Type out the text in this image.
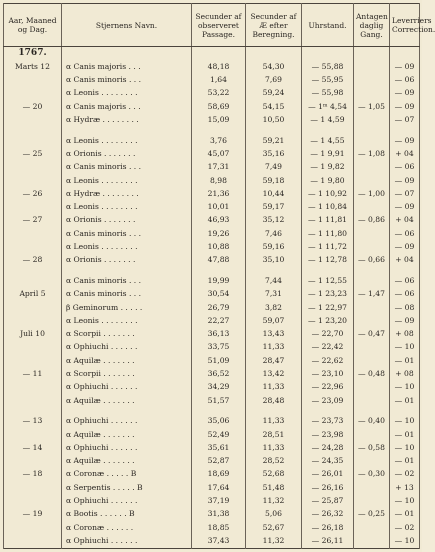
Aar, Maaned og Dag.	Stjernens Navn.	Secunder af observeret Passage.	Secunder af Æ efter Beregning.	Uhrstand.	Antagen daglig Gang.	Leverriers Correction.
1767.						
Marts 12	α Canis majoris . . .	48,18	54,30	— 55,88		— 09
	α Canis minoris . . .	1,64	7,69	— 55,95		— 06
	α Leonis . . . . . . . .	53,22	59,24	— 55,98		— 09
— 20	α Canis majoris . . .	58,69	54,15	— 1ᵐ 4,54	— 1,05	— 09
	α Hydræ . . . . . . . .	15,09	10,50	— 1 4,59		— 07

	α Leonis . . . . . . . .	3,76	59,21	— 1 4,55		— 09
— 25	α Orionis . . . . . . .	45,07	35,16	— 1 9,91	— 1,08	+ 04
	α Canis minoris . . .	17,31	7,49	— 1 9,82		— 06
	α Leonis . . . . . . . .	8,98	59,18	— 1 9,80		— 09
— 26	α Hydræ . . . . . . . .	21,36	10,44	— 1 10,92	— 1,00	— 07
	α Leonis . . . . . . . .	10,01	59,17	— 1 10,84		— 09
— 27	α Orionis . . . . . . .	46,93	35,12	— 1 11,81	— 0,86	+ 04
	α Canis minoris . . .	19,26	7,46	— 1 11,80		— 06
	α Leonis . . . . . . . .	10,88	59,16	— 1 11,72		— 09
— 28	α Orionis . . . . . . .	47,88	35,10	— 1 12,78	— 0,66	+ 04

	α Canis minoris . . .	19,99	7,44	— 1 12,55		— 06
April 5	α Canis minoris . . .	30,54	7,31	— 1 23,23	— 1,47	— 06
	β Geminorum . . . . .	26,79	3,82	— 1 22,97		— 08
	α Leonis . . . . . . . .	22,27	59,07	— 1 23,20		— 09
Juli 10	α Scorpii . . . . . . .	36,13	13,43	— 22,70	— 0,47	+ 08
	α Ophiuchi . . . . . .	33,75	11,33	— 22,42		— 10
	α Aquilæ . . . . . . .	51,09	28,47	— 22,62		— 01
— 11	α Scorpii . . . . . . .	36,52	13,42	— 23,10	— 0,48	+ 08
	α Ophiuchi . . . . . .	34,29	11,33	— 22,96		— 10
	α Aquilæ . . . . . . .	51,57	28,48	— 23,09		— 01

— 13	α Ophiuchi . . . . . .	35,06	11,33	— 23,73	— 0,40	— 10
	α Aquilæ . . . . . . .	52,49	28,51	— 23,98		— 01
— 14	α Ophiuchi . . . . . .	35,61	11,33	— 24,28	— 0,58	— 10
	α Aquilæ . . . . . . .	52,87	28,52	— 24,35		— 01
— 18	α Coronæ . . . . . B	18,69	52,68	— 26,01	— 0,30	— 02
	α Serpentis . . . . . B	17,64	51,48	— 26,16		+ 13
	α Ophiuchi . . . . . .	37,19	11,32	— 25,87		— 10
— 19	α Bootis . . . . . . B	31,38	5,06	— 26,32	— 0,25	— 01
	α Coronæ . . . . . .	18,85	52,67	— 26,18		— 02
	α Ophiuchi . . . . . .	37,43	11,32	— 26,11		— 10
